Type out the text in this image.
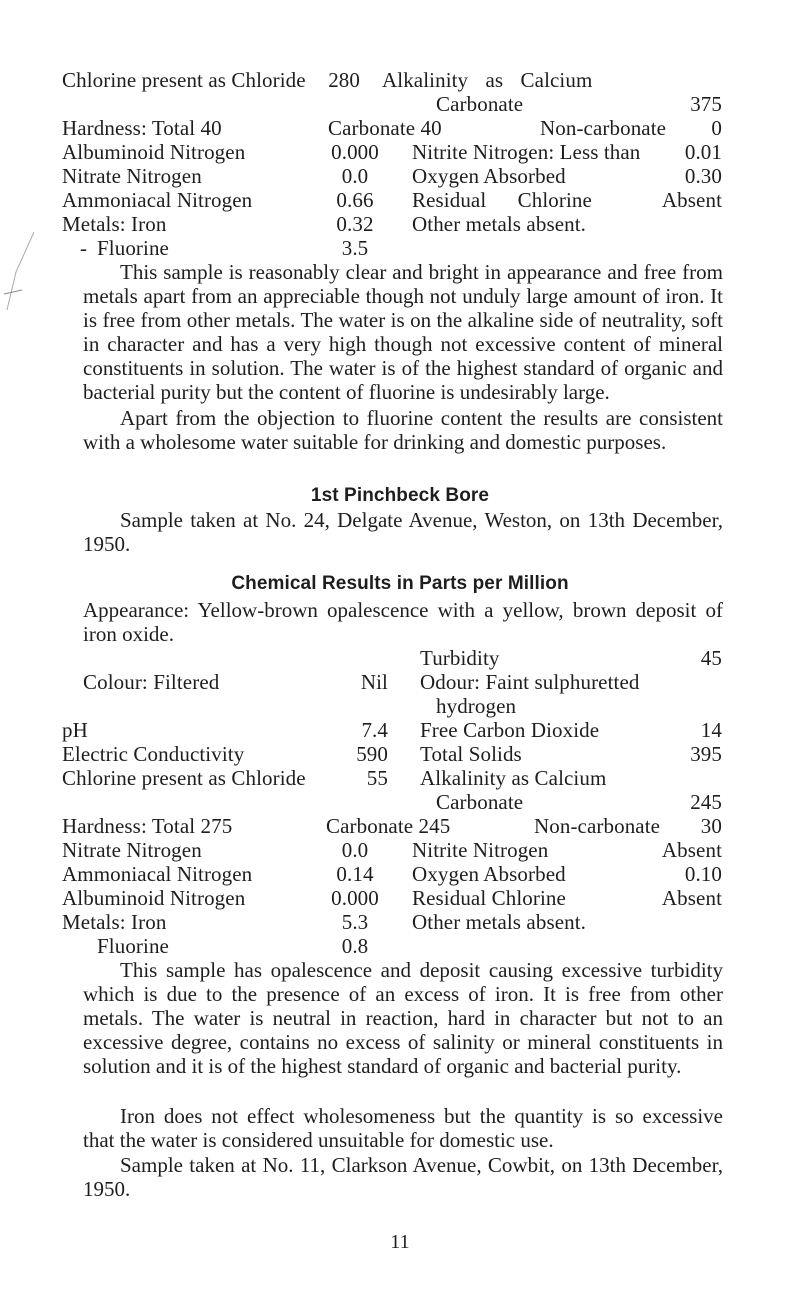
Chlorine present as Chloride	280 Alkalinity as Calcium
Carbonate	375
Hardness: Total 40	Carbonate 40	Non-carbonate	0
Albuminoid Nitrogen	0.000	Nitrite Nitrogen: Less than	0.01
Nitrate Nitrogen	0.0	Oxygen Absorbed	0.30
Ammoniacal Nitrogen	0.66	Residual Chlorine	Absent
Metals: Iron	0.32	Other metals absent.
- Fluorine	3.5
This sample is reasonably clear and bright in appearance and free from metals apart from an appreciable though not unduly large amount of iron. It is free from other metals. The water is on the alkaline side of neutrality, soft in character and has a very high though not excessive content of mineral constituents in solution. The water is of the highest standard of organic and bacterial purity but the content of fluorine is undesirably large.
Apart from the objection to fluorine content the results are consistent with a wholesome water suitable for drinking and domestic purposes.
1st Pinchbeck Bore
Sample taken at No. 24, Delgate Avenue, Weston, on 13th December, 1950.
Chemical Results in Parts per Million
Appearance: Yellow-brown opalescence with a yellow, brown deposit of iron oxide.
Turbidity	45
Colour: Filtered	Nil Odour: Faint sulphuretted
hydrogen
pH	7.4 Free Carbon Dioxide	14
Electric Conductivity	590 Total Solids	395
Chlorine present as Chloride	55 Alkalinity as Calcium
Carbonate	245
Hardness: Total 275	Carbonate 245	Non-carbonate	30
Nitrate Nitrogen	0.0	Nitrite Nitrogen	Absent
Ammoniacal Nitrogen	0.14	Oxygen Absorbed	0.10
Albuminoid Nitrogen	0.000	Residual Chlorine	Absent
Metals: Iron	5.3	Other metals absent.
Fluorine	0.8
This sample has opalescence and deposit causing excessive turbidity which is due to the presence of an excess of iron. It is free from other metals. The water is neutral in reaction, hard in character but not to an excessive degree, contains no excess of salinity or mineral constituents in solution and it is of the highest standard of organic and bacterial purity.
Iron does not effect wholesomeness but the quantity is so excessive that the water is considered unsuitable for domestic use.
Sample taken at No. 11, Clarkson Avenue, Cowbit, on 13th December, 1950.
11
